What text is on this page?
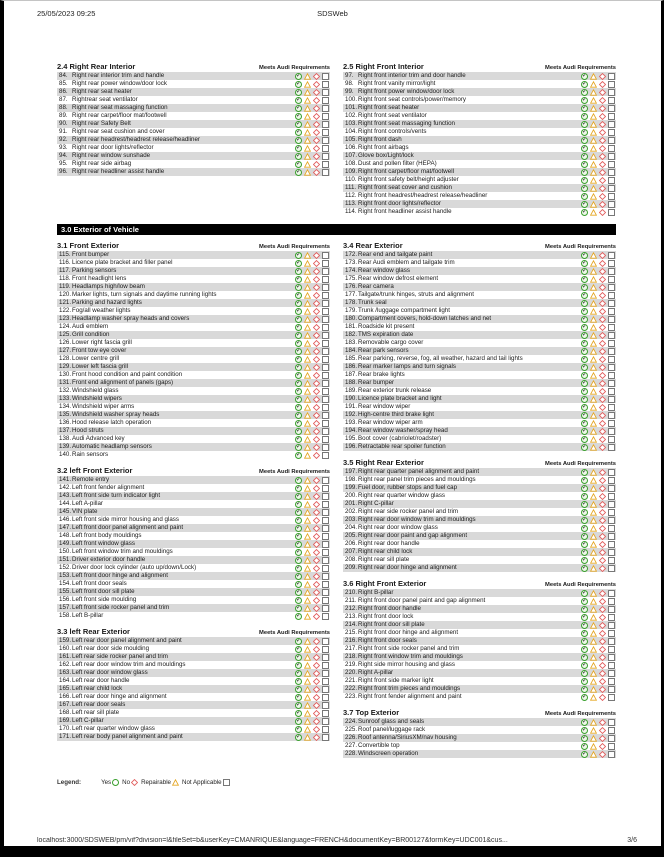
25/05/2023 09:25	SDSWeb
2.4 Right Rear Interior	Meets Audi Requirements
84. Right rear interior trim and handle	✓
85. Right rear power window/door lock	✓
86. Right rear seat heater	✓
87. Rightrear seat ventilator	✓
88. Right rear seat massaging function	✓
89. Right rear carpet/floor mat/footwell	✓
90. Right rear Safety Belt	✓
91. Right rear seat cushion and cover	✓
92. Right rear headrest/headrest release/headliner	✓
93. Right rear door lights/reflector	✓
94. Right rear window sunshade	✓
95. Right rear side airbag	✓
96. Right rear headliner assist handle	✓
2.5 Right Front Interior	Meets Audi Requirements
97. Right front interior trim and door handle	✓
98. Right front vanity mirror/light	✓
99. Right front power window/door lock	✓
100. Right front seat controls/power/memory	✓
101. Right front seat heater	✓
102. Right front seat ventilator	✓
103. Right front seat massaging function	✓
104. Right front controls/vents	✓
105. Right front dash	✓
106. Right front airbags	✓
107. Glove box/Light/lock	✓
108. Dust and pollen filter (HEPA)	✓
109. Right front carpet/floor mat/footwell	✓
110. Right front safety belt/height adjuster	✓
111. Right front seat cover and cushion	✓
112. Right front headrest/headrest release/headliner	✓
113. Right front door lights/reflector	✓
114. Right front headliner assist handle	✓
3.0 Exterior of Vehicle
3.1 Front Exterior	Meets Audi Requirements
115. Front bumper	✓
116. Licence plate bracket and filler panel	✓
117. Parking sensors	✓
118. Front headlight lens	✓
119. Headlamps high/low beam	✓
120. Marker lights, turn signals and daytime running lights	✓
121. Parking and hazard lights	✓
122. Fog/all weather lights	✓
123. Headlamp washer spray heads and covers	✓
124. Audi emblem	✓
125. Grill condition	✓
126. Lower right fascia grill	✓
127. Front tow eye cover	✓
128. Lower centre grill	✓
129. Lower left fascia grill	✓
130. Front hood condition and paint condition	✓
131. Front end alignment of panels (gaps)	✓
132. Windshield glass	✓
133. Windshield wipers	✓
134. Windshield wiper arms	✓
135. Windshield washer spray heads	✓
136. Hood release latch operation	✓
137. Hood struts	✓
138. Audi Advanced key	✓
139. Automatic headlamp sensors	✓
140. Rain sensors	✓
3.2 left Front Exterior	Meets Audi Requirements
141. Remote entry	✓
142. Left front fender alignment	✓
143. Left front side turn indicator light	✓
144. Left A-pillar	✓
145. VIN plate	✓
146. Left front side mirror housing and glass	✓
147. Left front door panel alignment and paint	✓
148. Left front body mouldings	✓
149. Left front window glass	✓
150. Left front window trim and mouldings	✓
151. Driver exterior door handle	✓
152. Driver door lock cylinder (auto up/down/Lock)	✓
153. Left front door hinge and alignment	✓
154. Left front door seals	✓
155. Left front door sill plate	✓
156. Left front side moulding	✓
157. Left front side rocker panel and trim	✓
158. Left B-pillar	✓
3.3 left Rear Exterior	Meets Audi Requirements
159. Left rear door panel alignment and paint	✓
160. Left rear door side moulding	✓
161. Left rear side rocker panel and trim	✓
162. Left rear door window trim and mouldings	✓
163. Left rear door window glass	✓
164. Left rear door handle	✓
165. Left rear child lock	✓
166. Left rear door hinge and alignment	✓
167. Left rear door seals	✓
168. Left rear sill plate	✓
169. Left C-pillar	✓
170. Left rear quarter window glass	✓
171. Left rear body panel alignment and paint	✓
3.4 Rear Exterior	Meets Audi Requirements
172. Rear end and tailgate paint	✓
173. Rear Audi emblem and tailgate trim	✓
174. Rear window glass	✓
175. Rear window defrost element	✓
176. Rear camera	✓
177. Tailgate/trunk hinges, struts and alignment	✓
178. Trunk seal	✓
179. Trunk /luggage compartment light	✓
180. Compartment covers, hold-down latches and net	✓
181. Roadside kit present	✓
182. TMS expiration date	✓
183. Removable cargo cover	✓
184. Rear park sensors	✓
185. Rear parking, reverse, fog, all weather, hazard and tail lights	✓
186. Rear marker lamps and turn signals	✓
187. Rear brake lights	✓
188. Rear bumper	✓
189. Rear exterior trunk release	✓
190. Licence plate bracket and light	✓
191. Rear window wiper	✓
192. High-centre third brake light	✓
193. Rear window wiper arm	✓
194. Rear window washer/spray head	✓
195. Boot cover (cabriolet/roadster)	✓
196. Retractable rear spoiler function	✓
3.5 Right Rear Exterior	Meets Audi Requirements
197. Right rear quarter panel alignment and paint	✓
198. Right rear panel trim pieces and mouldings	✓
199. Fuel door, rubber stops and fuel cap	✓
200. Right rear quarter window glass	✓
201. Right C-pillar	✓
202. Right rear side rocker panel and trim	✓
203. Right rear door window trim and mouldings	✓
204. Right rear door window glass	✓
205. Right rear door paint and gap alignment	✓
206. Right rear door handle	✓
207. Right rear child lock	✓
208. Right rear sill plate	✓
209. Right rear door hinge and alignment	✓
3.6 Right Front Exterior	Meets Audi Requirements
210. Right B-pillar	✓
211. Right front door panel paint and gap alignment	✓
212. Right front door handle	✓
213. Right front door lock	✓
214. Right front door sill plate	✓
215. Right front door hinge and alignment	✓
216. Right front door seals	✓
217. Right front side rocker panel and trim	✓
218. Right front window trim and mouldings	✓
219. Right side mirror housing and glass	✓
220. Right A-pillar	✓
221. Right front side marker light	✓
222. Right front trim pieces and mouldings	✓
223. Right front fender alignment and paint	✓
3.7 Top Exterior	Meets Audi Requirements
224. Sunroof glass and seals	✓
225. Roof panel/luggage rack	✓
226. Roof antenna/SiriusXM/nav housing	✓
227. Convertible top	✓
228. Windscreen operation	✓
Legend:	Yes No Repairable Not Applicable
localhost:3000/SDSWEB/pm/vif?division=l&fileSet=b&userKey=CMANRIQUE&language=FRENCH&documentKey=BR00127&formKey=UDC001&cus...	3/6
